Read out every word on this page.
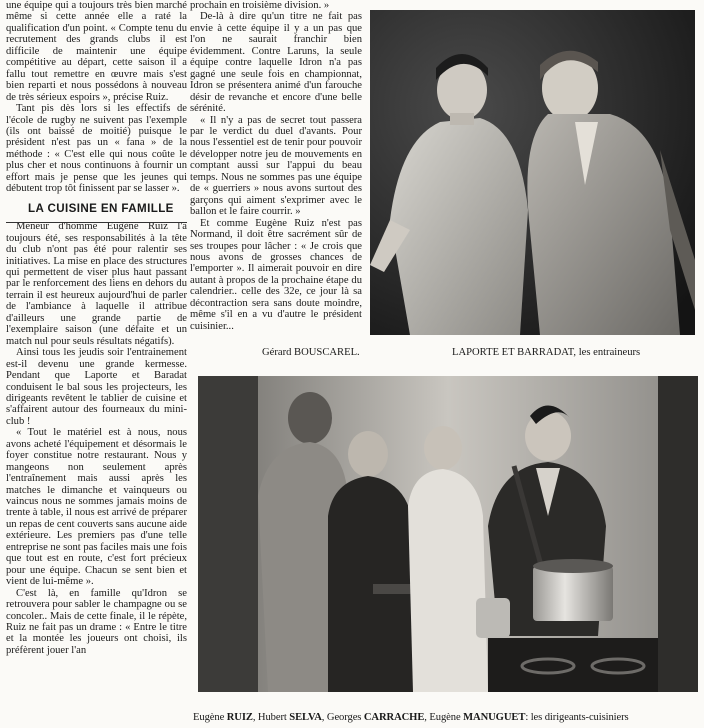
une équipe qui a toujours très bien marché même si cette année elle a raté la qualification d'un point. « Compte tenu du recrutement des grands clubs il est difficile de maintenir une équipe compétitive au départ, cette saison il a fallu tout remettre en œuvre mais s'est bien reparti et nous possédons à nouveau de très sérieux espoirs », précise Ruiz.

Tant pis dès lors si les effectifs de l'école de rugby ne suivent pas l'exemple (ils ont baissé de moitié) puisque le président n'est pas un « fana » de la méthode : « C'est elle qui nous coûte le plus cher et nous continuons à fournir un effort mais je pense que les jeunes qui débutent trop tôt finissent par se lasser ».

LA CUISINE EN FAMILLE

Meneur d'homme Eugène Ruiz l'a toujours été, ses responsabilités à la tête du club n'ont pas été pour ralentir ses initiatives. La mise en place des structures qui permettent de viser plus haut passant par le renforcement des liens en dehors du terrain il est heureux aujourd'hui de parler de l'ambiance à laquelle il attribue d'ailleurs une grande partie de l'exemplaire saison (une défaite et un match nul pour seuls résultats négatifs).

Ainsi tous les jeudis soir l'entrainement est-il devenu une grande kermesse. Pendant que Laporte et Baradat conduisent le bal sous les projecteurs, les dirigeants revêtent le tablier de cuisine et s'affairent autour des fourneaux du mini-club !

« Tout le matériel est à nous, nous avons acheté l'équipement et désormais le foyer constitue notre restaurant. Nous y mangeons non seulement après l'entraînement mais aussi après les matches le dimanche et vainqueurs ou vaincus nous ne sommes jamais moins de trente à table, il nous est arrivé de préparer un repas de cent couverts sans aucune aide extérieure. Les premiers pas d'une telle entreprise ne sont pas faciles mais une fois que tout est en route, c'est fort précieux pour une équipe. Chacun se sent bien et vient de lui-même ».

C'est là, en famille qu'Idron se retrouvera pour sabler le champagne ou se concoler.. Mais de cette finale, il le répète, Ruiz ne fait pas un drame : « Entre le titre et la montée les joueurs ont choisi, ils préfèrent jouer l'an

prochain en troisième division. »

De-là à dire qu'un titre ne fait pas envie à cette équipe il y a un pas que l'on ne saurait franchir bien évidemment. Contre Laruns, la seule équipe contre laquelle Idron n'a pas gagné une seule fois en championnat, Idron se présentera animé d'un farouche désir de revanche et encore d'une belle sérénité.

« Il n'y a pas de secret tout passera par le verdict du duel d'avants. Pour nous l'essentiel est de tenir pour pouvoir développer notre jeu de mouvements en comptant aussi sur l'appui du beau temps. Nous ne sommes pas une équipe de « guerriers » nous avons surtout des garçons qui aiment s'exprimer avec le ballon et le faire courrir. »

Et comme Eugène Ruiz n'est pas Normand, il doit être sacrément sûr de ses troupes pour lâcher : « Je crois que nous avons de grosses chances de l'emporter ». Il aimerait pouvoir en dire autant à propos de la prochaine étape du calendrier.. celle des 32e, ce jour là sa décontraction sera sans doute moindre, même s'il en a vu d'autre le président cuisinier...

Gérard BOUSCAREL.	LAPORTE ET BARRADAT, les entraineurs
Eugène RUIZ, Hubert SELVA, Georges CARRACHE, Eugène MANUGUET: les dirigeants-cuisiniers
